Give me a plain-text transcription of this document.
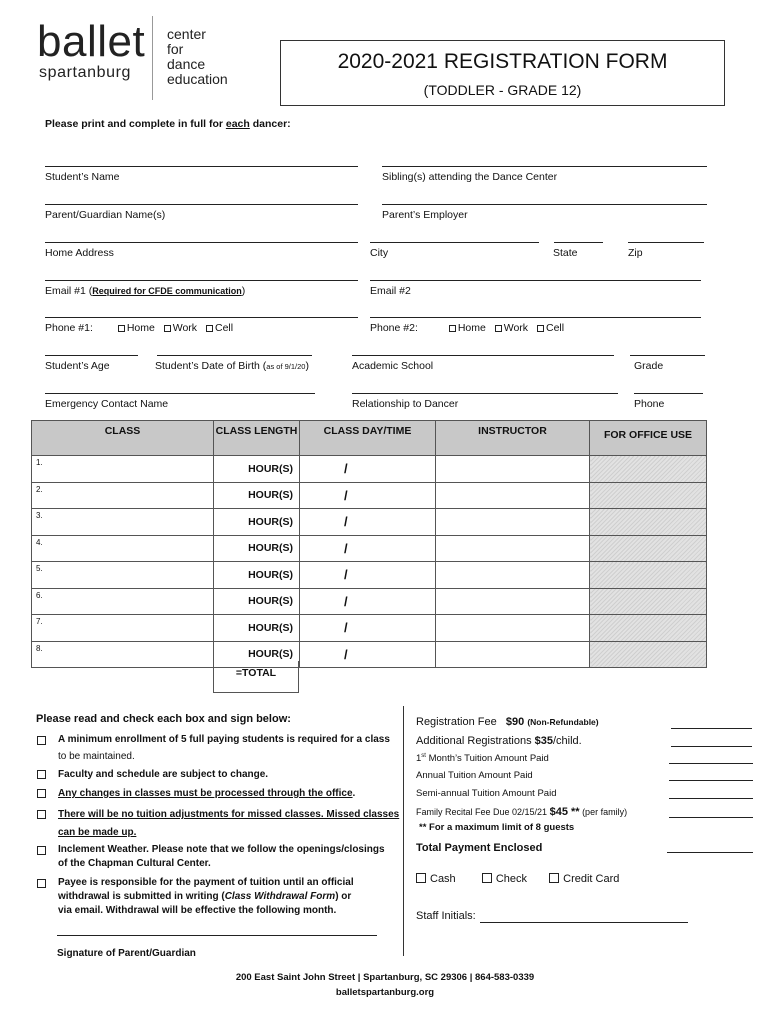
ballet
spartanburg
center
for
dance
education
2020-2021 REGISTRATION FORM
(TODDLER - GRADE 12)
Please print and complete in full for each dancer:
Student’s Name	Sibling(s) attending the Dance Center
Parent/Guardian Name(s)	Parent’s Employer
Home Address	City	State	Zip
Email #1 (Required for CFDE communication)	Email #2
Phone #1:	Home Work Cell	Phone #2:	Home Work Cell
Student’s Age	Student’s Date of Birth (as of 9/1/20)	Academic School	Grade
Emergency Contact Name	Relationship to Dancer	Phone
CLASS	CLASS LENGTH	CLASS DAY/TIME	INSTRUCTOR	FOR OFFICE USE
1.	HOUR(S)	/		
2.	HOUR(S)	/		
3.	HOUR(S)	/		
4.	HOUR(S)	/		
5.	HOUR(S)	/		
6.	HOUR(S)	/		
7.	HOUR(S)	/		
8.	HOUR(S)	/		
=TOTAL
Please read and check each box and sign below:
A minimum enrollment of 5 full paying students is required for a class
to be maintained.
Faculty and schedule are subject to change.
Any changes in classes must be processed through the office.
There will be no tuition adjustments for missed classes. Missed classes
can be made up.
Inclement Weather. Please note that we follow the openings/closings
of the Chapman Cultural Center.
Payee is responsible for the payment of tuition until an official
withdrawal is submitted in writing (Class Withdrawal Form) or
via email. Withdrawal will be effective the following month.
Signature of Parent/Guardian
Registration Fee $90 (Non-Refundable)
Additional Registrations $35/child.
1st Month’s Tuition Amount Paid
Annual Tuition Amount Paid
Semi-annual Tuition Amount Paid
Family Recital Fee Due 02/15/21 $45 ** (per family)
** For a maximum limit of 8 guests
Total Payment Enclosed
Cash	Check	Credit Card
Staff Initials:
200 East Saint John Street | Spartanburg, SC 29306 | 864-583-0339
balletspartanburg.org
